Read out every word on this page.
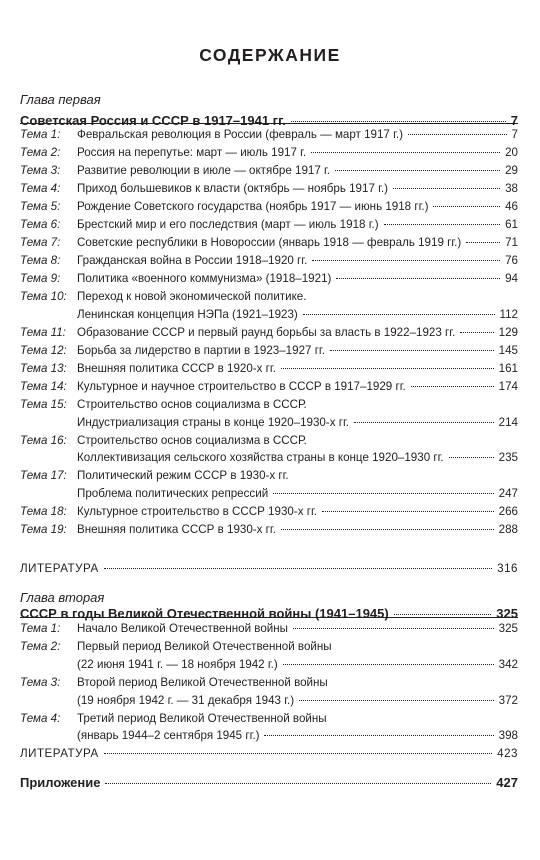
СОДЕРЖАНИЕ
Глава первая
Советская Россия и СССР в 1917–1941 гг.	7
Тема 1:	Февральская революция в России (февраль — март 1917 г.)	7
Тема 2:	Россия на перепутье: март — июль 1917 г.	20
Тема 3:	Развитие революции в июле — октябре 1917 г.	29
Тема 4:	Приход большевиков к власти (октябрь — ноябрь 1917 г.)	38
Тема 5:	Рождение Советского государства (ноябрь 1917 — июнь 1918 гг.)	46
Тема 6:	Брестский мир и его последствия (март — июль 1918 г.)	61
Тема 7:	Советские республики в Новороссии (январь 1918 — февраль 1919 гг.)	71
Тема 8:	Гражданская война в России 1918–1920 гг.	76
Тема 9:	Политика «военного коммунизма» (1918–1921)	94
Тема 10: Переход к новой экономической политике.
Ленинская концепция НЭПа (1921–1923)	112
Тема 11: Образование СССР и первый раунд борьбы за власть в 1922–1923 гг.	129
Тема 12: Борьба за лидерство в партии в 1923–1927 гг.	145
Тема 13: Внешняя политика СССР в 1920-х гг.	161
Тема 14: Культурное и научное строительство в СССР в 1917–1929 гг.	174
Тема 15: Строительство основ социализма в СССР.
Индустриализация страны в конце 1920–1930-х гг.	214
Тема 16: Строительство основ социализма в СССР.
Коллективизация сельского хозяйства страны в конце 1920–1930 гг.	235
Тема 17: Политический режим СССР в 1930-х гг.
Проблема политических репрессий	247
Тема 18: Культурное строительство в СССР 1930-х гг.	266
Тема 19: Внешняя политика СССР в 1930-х гг.	288
ЛИТЕРАТУРА	316
Глава вторая
СССР в годы Великой Отечественной войны (1941–1945)	325
Тема 1:	Начало Великой Отечественной войны	325
Тема 2:	Первый период Великой Отечественной войны
(22 июня 1941 г. — 18 ноября 1942 г.)	342
Тема 3:	Второй период Великой Отечественной войны
(19 ноября 1942 г. — 31 декабря 1943 г.)	372
Тема 4:	Третий период Великой Отечественной войны
(январь 1944–2 сентября 1945 гг.)	398
ЛИТЕРАТУРА	423
Приложение	427
